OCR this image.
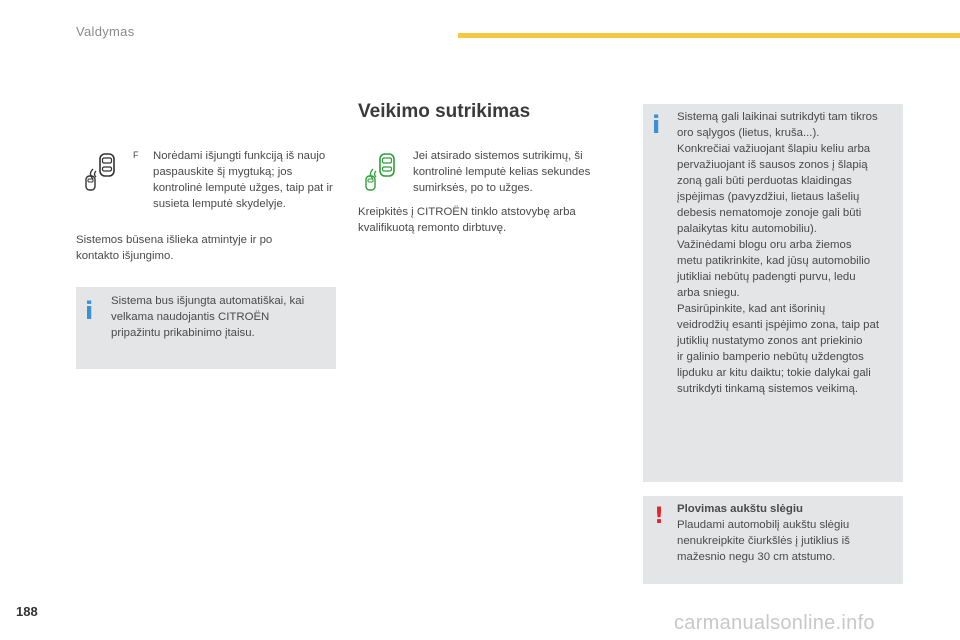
Valdymas
F Norėdami išjungti funkciją iš naujo paspauskite šį mygtuką; jos kontrolinė lemputė užges, taip pat ir susieta lemputė skydelyje.
Sistemos būsena išlieka atmintyje ir po kontakto išjungimo.
i Sistema bus išjungta automatiškai, kai velkama naudojantis CITROËN pripažintu prikabinimo įtaisu.
Veikimo sutrikimas
Jei atsirado sistemos sutrikimų, ši kontrolinė lemputė kelias sekundes sumirksės, po to užges.
Kreipkitės į CITROËN tinklo atstovybę arba kvalifikuotą remonto dirbtuvę.
i Sistemą gali laikinai sutrikdyti tam tikros
oro sąlygos (lietus, kruša...).
Konkrečiai važiuojant šlapiu keliu arba
pervažiuojant iš sausos zonos į šlapią
zoną gali būti perduotas klaidingas
įspėjimas (pavyzdžiui, lietaus lašelių
debesis nematomoje zonoje gali būti
palaikytas kitu automobiliu).
Važinėdami blogu oru arba žiemos
metu patikrinkite, kad jūsų automobilio
jutikliai nebūtų padengti purvu, ledu
arba sniegu.
Pasirūpinkite, kad ant išorinių
veidrodžių esanti įspėjimo zona, taip pat
jutiklių nustatymo zonos ant priekinio
ir galinio bamperio nebūtų uždengtos
lipduku ar kitu daiktu; tokie dalykai gali
sutrikdyti tinkamą sistemos veikimą.
! Plovimas aukštu slėgiu
Plaudami automobilį aukštu slėgiu nenukreipkite čiurkšlės į jutiklius iš mažesnio negu 30 cm atstumo.
188
carmanualsonline.info
